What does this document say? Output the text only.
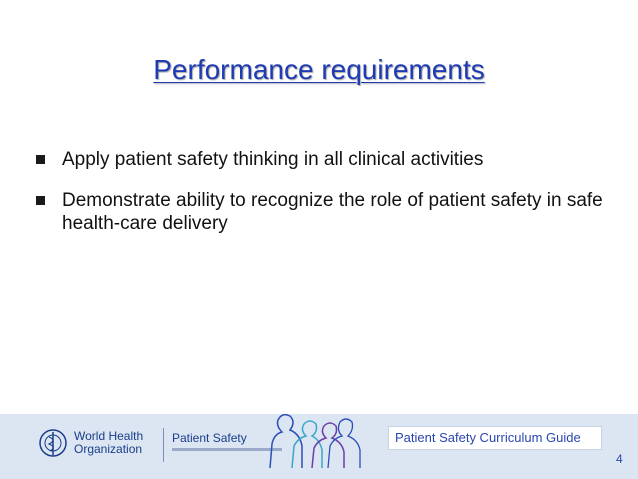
Performance requirements
Apply patient safety thinking in all clinical activities
Demonstrate ability to recognize the role of patient safety in safe health-care delivery
World Health
Organization
Patient Safety	Patient Safety Curriculum Guide
4
